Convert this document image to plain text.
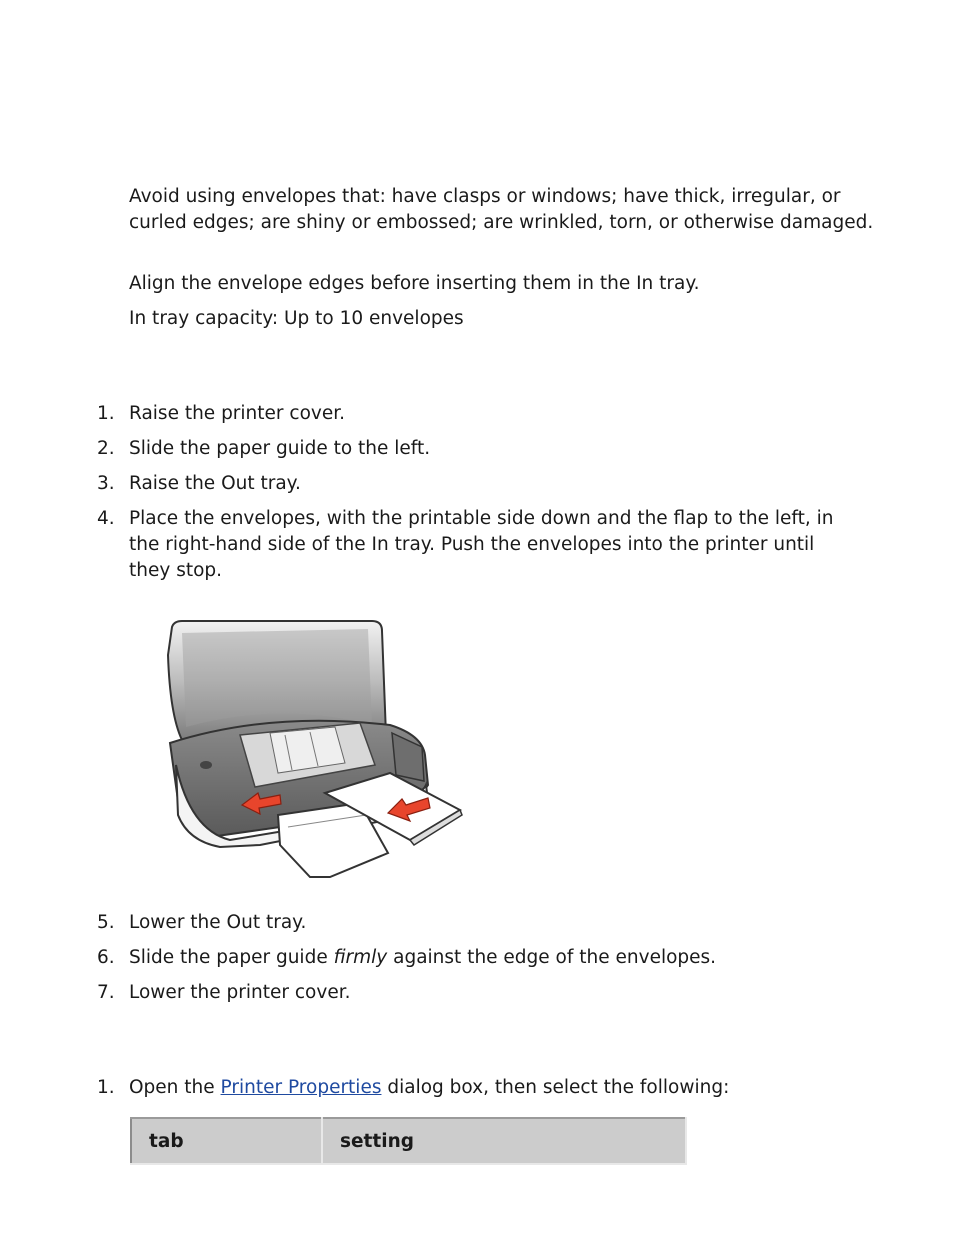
Avoid using envelopes that: have clasps or windows; have thick, irregular, or curled edges; are shiny or embossed; are wrinkled, torn, or otherwise damaged.

Align the envelope edges before inserting them in the In tray.

In tray capacity: Up to 10 envelopes

1. Raise the printer cover.
2. Slide the paper guide to the left.
3. Raise the Out tray.
4. Place the envelopes, with the printable side down and the flap to the left, in the right-hand side of the In tray. Push the envelopes into the printer until they stop.
5. Lower the Out tray.
6. Slide the paper guide firmly against the edge of the envelopes.
7. Lower the printer cover.
1. Open the Printer Properties dialog box, then select the following:
tab	setting
